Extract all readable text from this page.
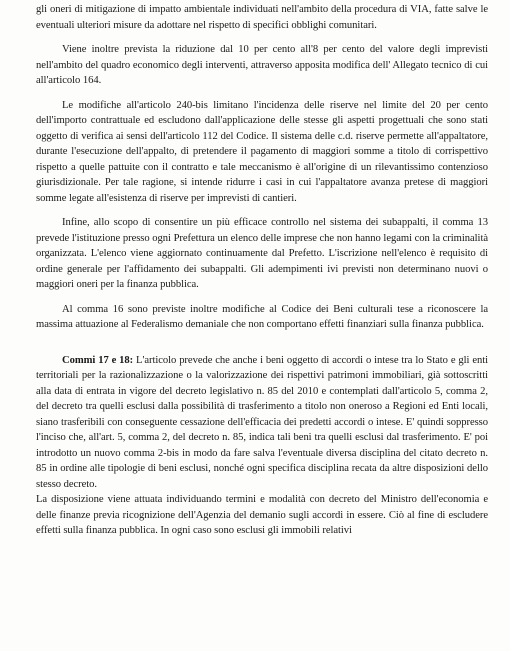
gli oneri di mitigazione di impatto ambientale individuati nell'ambito della procedura di VIA, fatte salve le eventuali ulteriori misure da adottare nel rispetto di specifici obblighi comunitari.

Viene inoltre prevista la riduzione dal 10 per cento all'8 per cento del valore degli imprevisti nell'ambito del quadro economico degli interventi, attraverso apposita modifica dell' Allegato tecnico di cui all'articolo 164.

Le modifiche all'articolo 240-bis limitano l'incidenza delle riserve nel limite del 20 per cento dell'importo contrattuale ed escludono dall'applicazione delle stesse gli aspetti progettuali che sono stati oggetto di verifica ai sensi dell'articolo 112 del Codice. Il sistema delle c.d. riserve permette all'appaltatore, durante l'esecuzione dell'appalto, di pretendere il pagamento di maggiori somme a titolo di corrispettivo rispetto a quelle pattuite con il contratto e tale meccanismo è all'origine di un rilevantissimo contenzioso giurisdizionale. Per tale ragione, si intende ridurre i casi in cui l'appaltatore avanza pretese di maggiori somme legate all'esistenza di riserve per imprevisti di cantieri.

Infine, allo scopo di consentire un più efficace controllo nel sistema dei subappalti, il comma 13 prevede l'istituzione presso ogni Prefettura un elenco delle imprese che non hanno legami con la criminalità organizzata. L'elenco viene aggiornato continuamente dal Prefetto. L'iscrizione nell'elenco è requisito di ordine generale per l'affidamento dei subappalti. Gli adempimenti ivi previsti non determinano nuovi o maggiori oneri per la finanza pubblica.

Al comma 16 sono previste inoltre modifiche al Codice dei Beni culturali tese a riconoscere la massima attuazione al Federalismo demaniale che non comportano effetti finanziari sulla finanza pubblica.

Commi 17 e 18: L'articolo prevede che anche i beni oggetto di accordi o intese tra lo Stato e gli enti territoriali per la razionalizzazione o la valorizzazione dei rispettivi patrimoni immobiliari, già sottoscritti alla data di entrata in vigore del decreto legislativo n. 85 del 2010 e contemplati dall'articolo 5, comma 2, del decreto tra quelli esclusi dalla possibilità di trasferimento a titolo non oneroso a Regioni ed Enti locali, siano trasferibili con conseguente cessazione dell'efficacia dei predetti accordi o intese. E' quindi soppresso l'inciso che, all'art. 5, comma 2, del decreto n. 85, indica tali beni tra quelli esclusi dal trasferimento. E' poi introdotto un nuovo comma 2-bis in modo da fare salva l'eventuale diversa disciplina del citato decreto n. 85 in ordine alle tipologie di beni esclusi, nonché ogni specifica disciplina recata da altre disposizioni dello stesso decreto.

La disposizione viene attuata individuando termini e modalità con decreto del Ministro dell'economia e delle finanze previa ricognizione dell'Agenzia del demanio sugli accordi in essere. Ciò al fine di escludere effetti sulla finanza pubblica. In ogni caso sono esclusi gli immobili relativi
